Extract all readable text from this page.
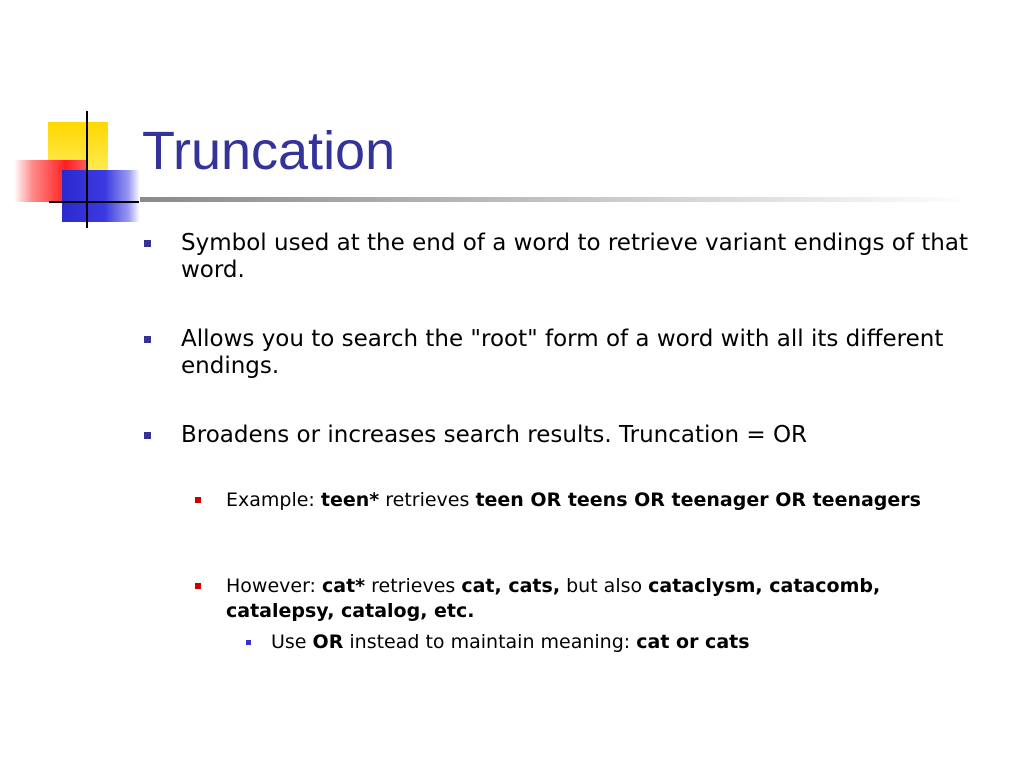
Truncation
Symbol used at the end of a word to retrieve variant endings of that word.
Allows you to search the "root" form of a word with all its different endings.
Broadens or increases search results. Truncation = OR
Example: teen* retrieves teen OR teens OR teenager OR teenagers
However: cat* retrieves cat, cats, but also cataclysm, catacomb, catalepsy, catalog, etc.
Use OR instead to maintain meaning: cat or cats
